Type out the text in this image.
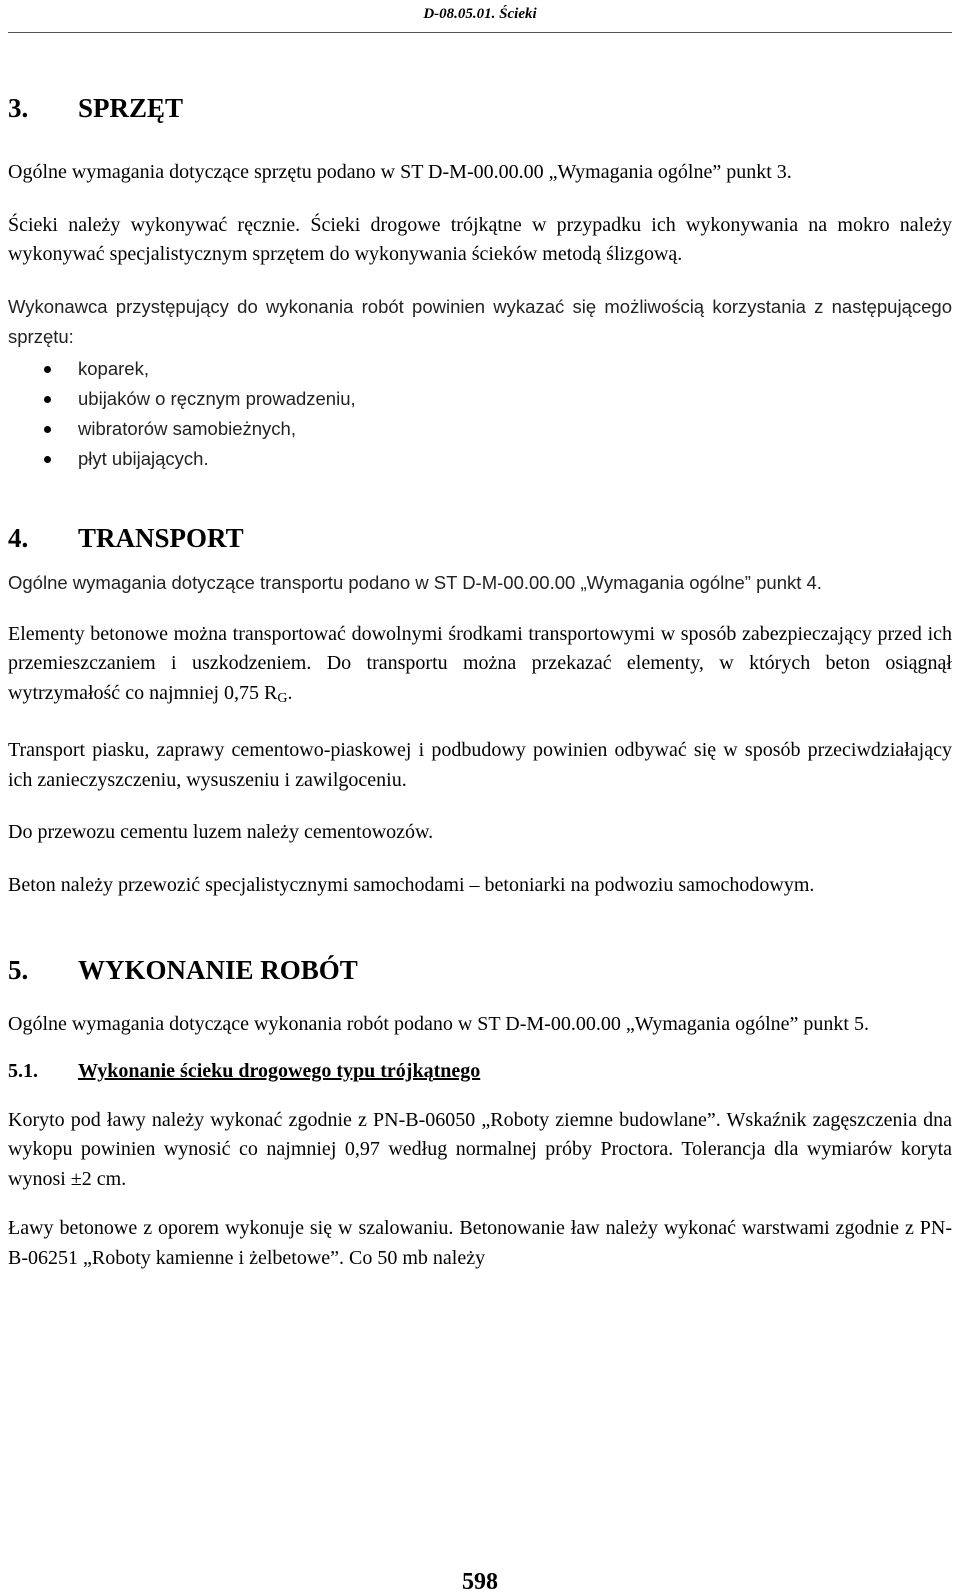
D-08.05.01. Ścieki
3. SPRZĘT

Ogólne wymagania dotyczące sprzętu podano w ST D-M-00.00.00 „Wymagania ogólne” punkt 3.

Ścieki należy wykonywać ręcznie. Ścieki drogowe trójkątne w przypadku ich wykonywania na mokro należy wykonywać specjalistycznym sprzętem do wykonywania ścieków metodą ślizgową.

Wykonawca przystępujący do wykonania robót powinien wykazać się możliwością korzystania z następującego sprzętu:

koparek,
ubijaków o ręcznym prowadzeniu,
wibratorów samobieżnych,
płyt ubijających.
4. TRANSPORT

Ogólne wymagania dotyczące transportu podano w ST D-M-00.00.00 „Wymagania ogólne” punkt 4.

Elementy betonowe można transportować dowolnymi środkami transportowymi w sposób zabezpieczający przed ich przemieszczaniem i uszkodzeniem. Do transportu można przekazać elementy, w których beton osiągnął wytrzymałość co najmniej 0,75 $R_G$.

Transport piasku, zaprawy cementowo-piaskowej i podbudowy powinien odbywać się w sposób przeciwdziałający ich zanieczyszczeniu, wysuszeniu i zawilgoceniu.

Do przewozu cementu luzem należy cementowozów.

Beton należy przewozić specjalistycznymi samochodami – betoniarki na podwoziu samochodowym.

5. WYKONANIE ROBÓT

Ogólne wymagania dotyczące wykonania robót podano w ST D-M-00.00.00 „Wymagania ogólne” punkt 5.

5.1. Wykonanie ścieku drogowego typu trójkątnego

Koryto pod ławy należy wykonać zgodnie z PN-B-06050 „Roboty ziemne budowlane”. Wskaźnik zagęszczenia dna wykopu powinien wynosić co najmniej 0,97 według normalnej próby Proctora. Tolerancja dla wymiarów koryta wynosi ±2 cm.

Ławy betonowe z oporem wykonuje się w szalowaniu. Betonowanie ław należy wykonać warstwami zgodnie z PN-B-06251 „Roboty kamienne i żelbetowe”. Co 50 mb należy

598
